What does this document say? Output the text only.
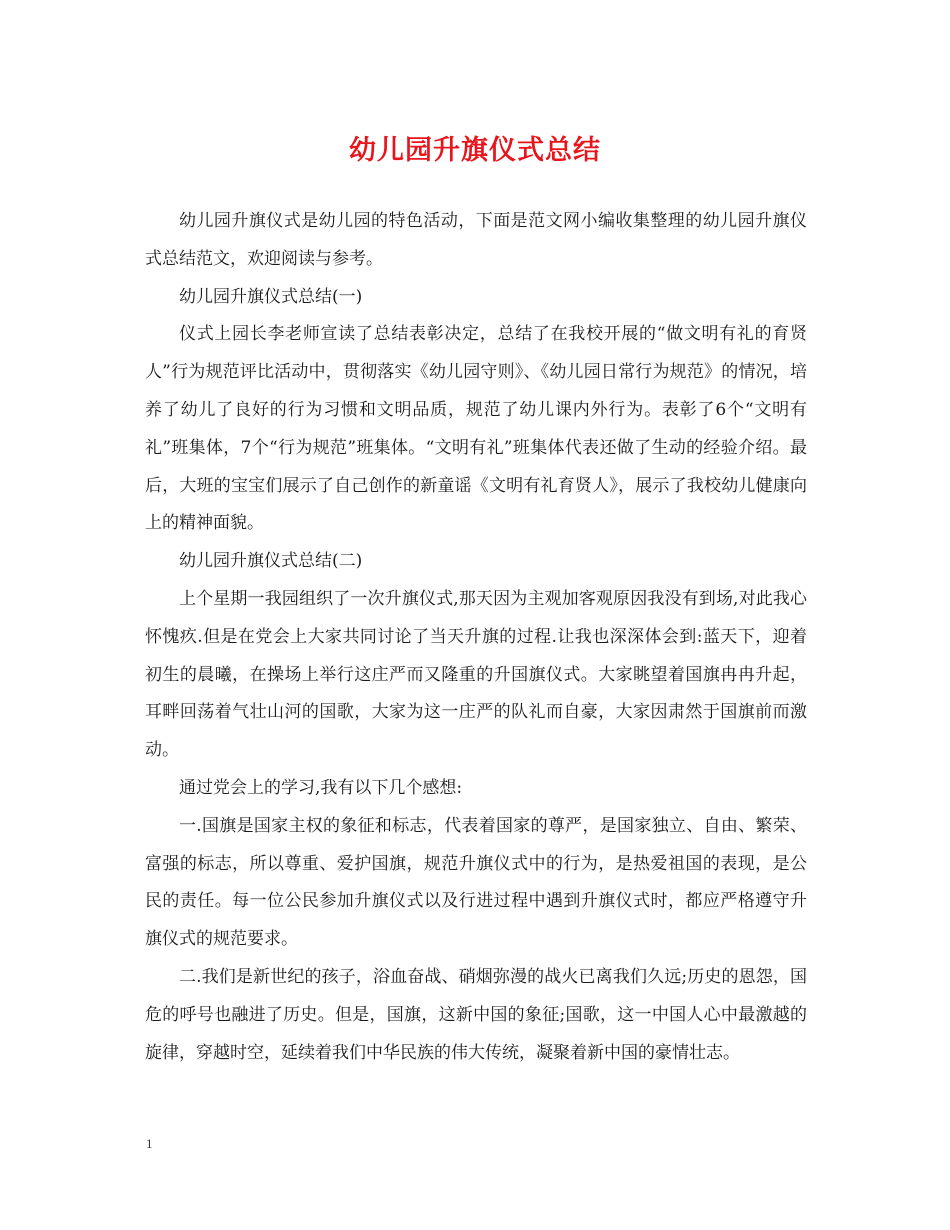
幼儿园升旗仪式总结

幼儿园升旗仪式是幼儿园的特色活动，下面是范文网小编收集整理的幼儿园升旗仪式总结范文，欢迎阅读与参考。

幼儿园升旗仪式总结(一)

仪式上园长李老师宣读了总结表彰决定，总结了在我校开展的“做文明有礼的育贤人”行为规范评比活动中，贯彻落实《幼儿园守则》、《幼儿园日常行为规范》的情况，培养了幼儿了良好的行为习惯和文明品质，规范了幼儿课内外行为。表彰了6个“文明有礼”班集体，7个“行为规范”班集体。“文明有礼”班集体代表还做了生动的经验介绍。最后，大班的宝宝们展示了自己创作的新童谣《文明有礼育贤人》，展示了我校幼儿健康向上的精神面貌。

幼儿园升旗仪式总结(二)

上个星期一我园组织了一次升旗仪式,那天因为主观加客观原因我没有到场,对此我心怀愧疚.但是在党会上大家共同讨论了当天升旗的过程.让我也深深体会到:蓝天下，迎着初生的晨曦，在操场上举行这庄严而又隆重的升国旗仪式。大家眺望着国旗冉冉升起，耳畔回荡着气壮山河的国歌，大家为这一庄严的队礼而自豪，大家因肃然于国旗前而激动。

通过党会上的学习,我有以下几个感想:

一.国旗是国家主权的象征和标志，代表着国家的尊严，是国家独立、自由、繁荣、富强的标志，所以尊重、爱护国旗，规范升旗仪式中的行为，是热爱祖国的表现，是公民的责任。每一位公民参加升旗仪式以及行进过程中遇到升旗仪式时，都应严格遵守升旗仪式的规范要求。

二.我们是新世纪的孩子，浴血奋战、硝烟弥漫的战火已离我们久远;历史的恩怨，国危的呼号也融进了历史。但是，国旗，这新中国的象征;国歌，这一中国人心中最激越的旋律，穿越时空，延续着我们中华民族的伟大传统，凝聚着新中国的豪情壮志。

1
